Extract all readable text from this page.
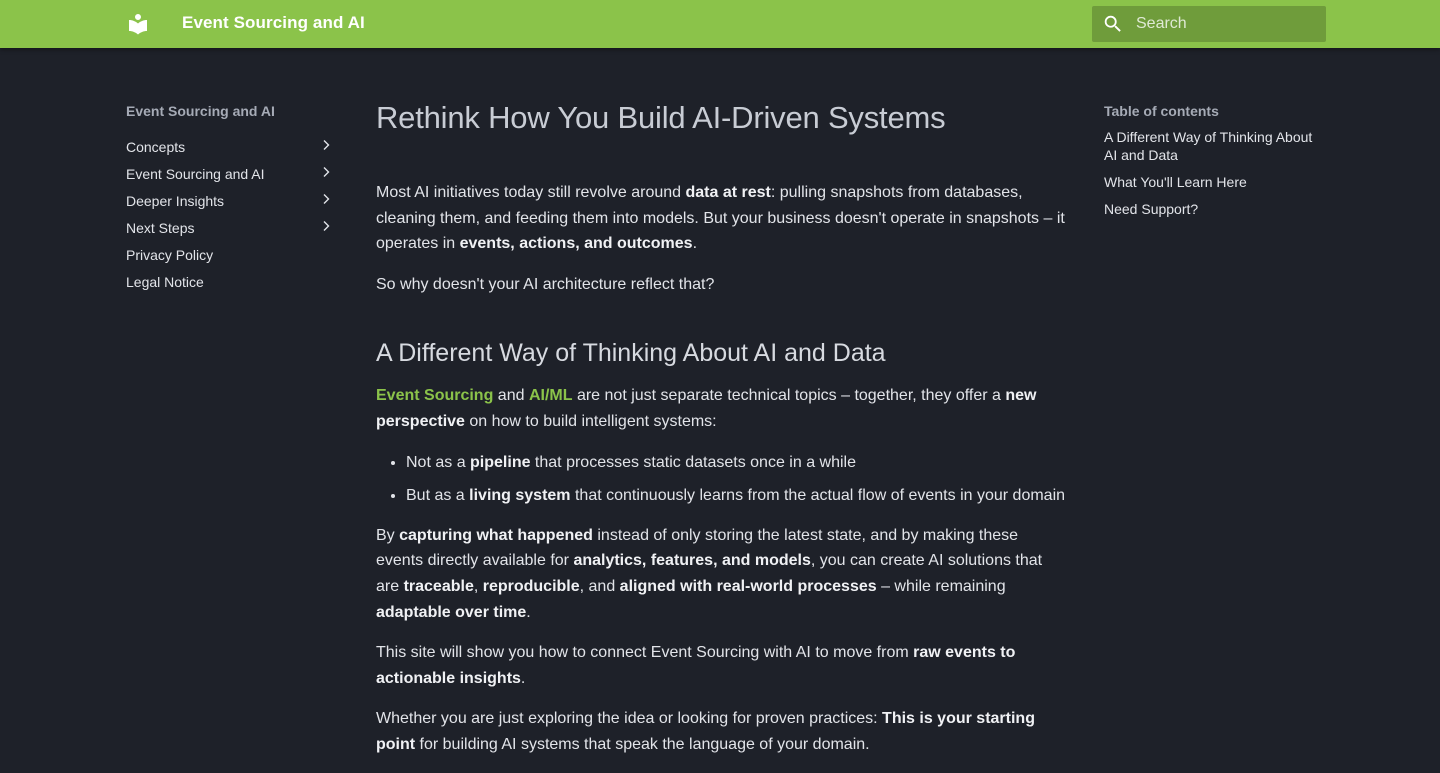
Event Sourcing and AI
Search
Event Sourcing and AI
Concepts
Event Sourcing and AI
Deeper Insights
Next Steps
Privacy Policy
Legal Notice
Rethink How You Build AI-Driven Systems

Most AI initiatives today still revolve around data at rest: pulling snapshots from databases, cleaning them, and feeding them into models. But your business doesn't operate in snapshots – it operates in events, actions, and outcomes.

So why doesn't your AI architecture reflect that?

A Different Way of Thinking About AI and Data

Event Sourcing and AI/ML are not just separate technical topics – together, they offer a new perspective on how to build intelligent systems:

• Not as a pipeline that processes static datasets once in a while
• But as a living system that continuously learns from the actual flow of events in your domain

By capturing what happened instead of only storing the latest state, and by making these events directly available for analytics, features, and models, you can create AI solutions that are traceable, reproducible, and aligned with real-world processes – while remaining adaptable over time.

This site will show you how to connect Event Sourcing with AI to move from raw events to actionable insights.

Whether you are just exploring the idea or looking for proven practices: This is your starting point for building AI systems that speak the language of your domain.

Table of contents
A Different Way of Thinking About AI and Data
What You'll Learn Here
Need Support?
